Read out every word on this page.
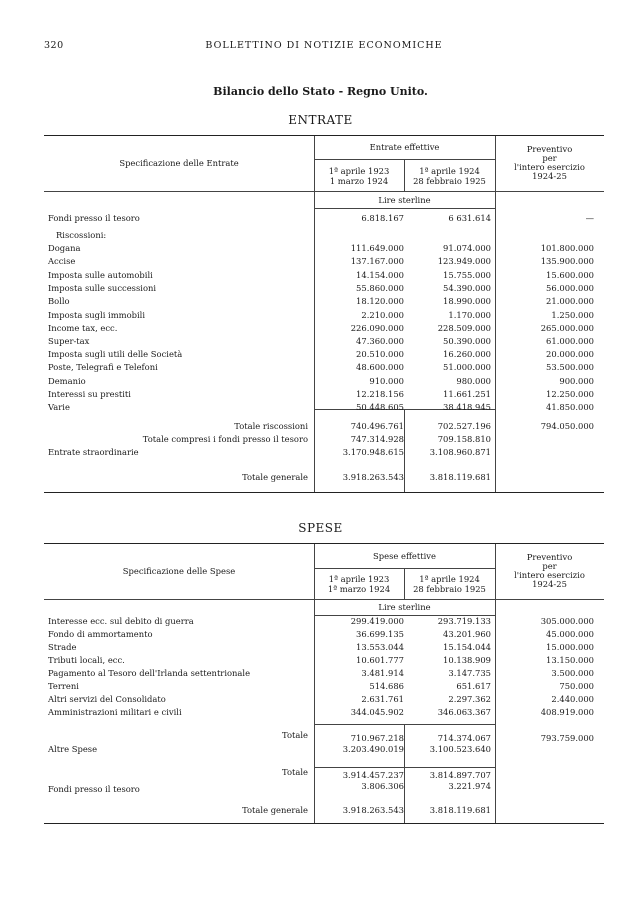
320	BOLLETTINO DI NOTIZIE ECONOMICHE
Bilancio dello Stato - Regno Unito.
ENTRATE
Specificazione delle Entrate
Entrate effettive
1ª aprile 1923
1 marzo 1924
1ª aprile 1924
28 febbraio 1925
Preventivo
per
l'intero esercizio
1924-25
Lire sterline
Fondi presso il tesoro	6.818.167	6 631.614	—
Riscossioni:
Dogana	111.649.000	91.074.000	101.800.000
Accise	137.167.000	123.949.000	135.900.000
Imposta sulle automobili	14.154.000	15.755.000	15.600.000
Imposta sulle successioni	55.860.000	54.390.000	56.000.000
Bollo	18.120.000	18.990.000	21.000.000
Imposta sugli immobili	2.210.000	1.170.000	1.250.000
Income tax, ecc.	226.090.000	228.509.000	265.000.000
Super-tax	47.360.000	50.390.000	61.000.000
Imposta sugli utili delle Società	20.510.000	16.260.000	20.000.000
Poste, Telegrafi e Telefoni	48.600.000	51.000.000	53.500.000
Demanio	910.000	980.000	900.000
Interessi su prestiti	12.218.156	11.661.251	12.250.000
Varie	50.448.605	38.418.945	41.850.000
Totale riscossioni	740.496.761	702.527.196	794.050.000
Totale compresi i fondi presso il tesoro	747.314.928	709.158.810
Entrate straordinarie	3.170.948.615	3.108.960.871
Totale generale	3.918.263.543	3.818.119.681
SPESE
Specificazione delle Spese
Spese effettive
1ª aprile 1923
1ª marzo 1924
1ª aprile 1924
28 febbraio 1925
Preventivo
per
l'intero esercizio
1924-25
Lire sterline
Interesse ecc. sul debito di guerra	299.419.000	293.719.133	305.000.000
Fondo di ammortamento	36.699.135	43.201.960	45.000.000
Strade	13.553.044	15.154.044	15.000.000
Tributi locali, ecc.	10.601.777	10.138.909	13.150.000
Pagamento al Tesoro dell'Irlanda settentrionale	3.481.914	3.147.735	3.500.000
Terreni	514.686	651.617	750.000
Altri servizi del Consolidato	2.631.761	2.297.362	2.440.000
Amministrazioni militari e civili	344.045.902	346.063.367	408.919.000
Totale	710.967.218	714.374.067	793.759.000
Altre Spese	3.203.490.019	3.100.523.640
Totale	3.914.457.237	3.814.897.707
Fondi presso il tesoro	3.806.306	3.221.974
Totale generale	3.918.263.543	3.818.119.681
